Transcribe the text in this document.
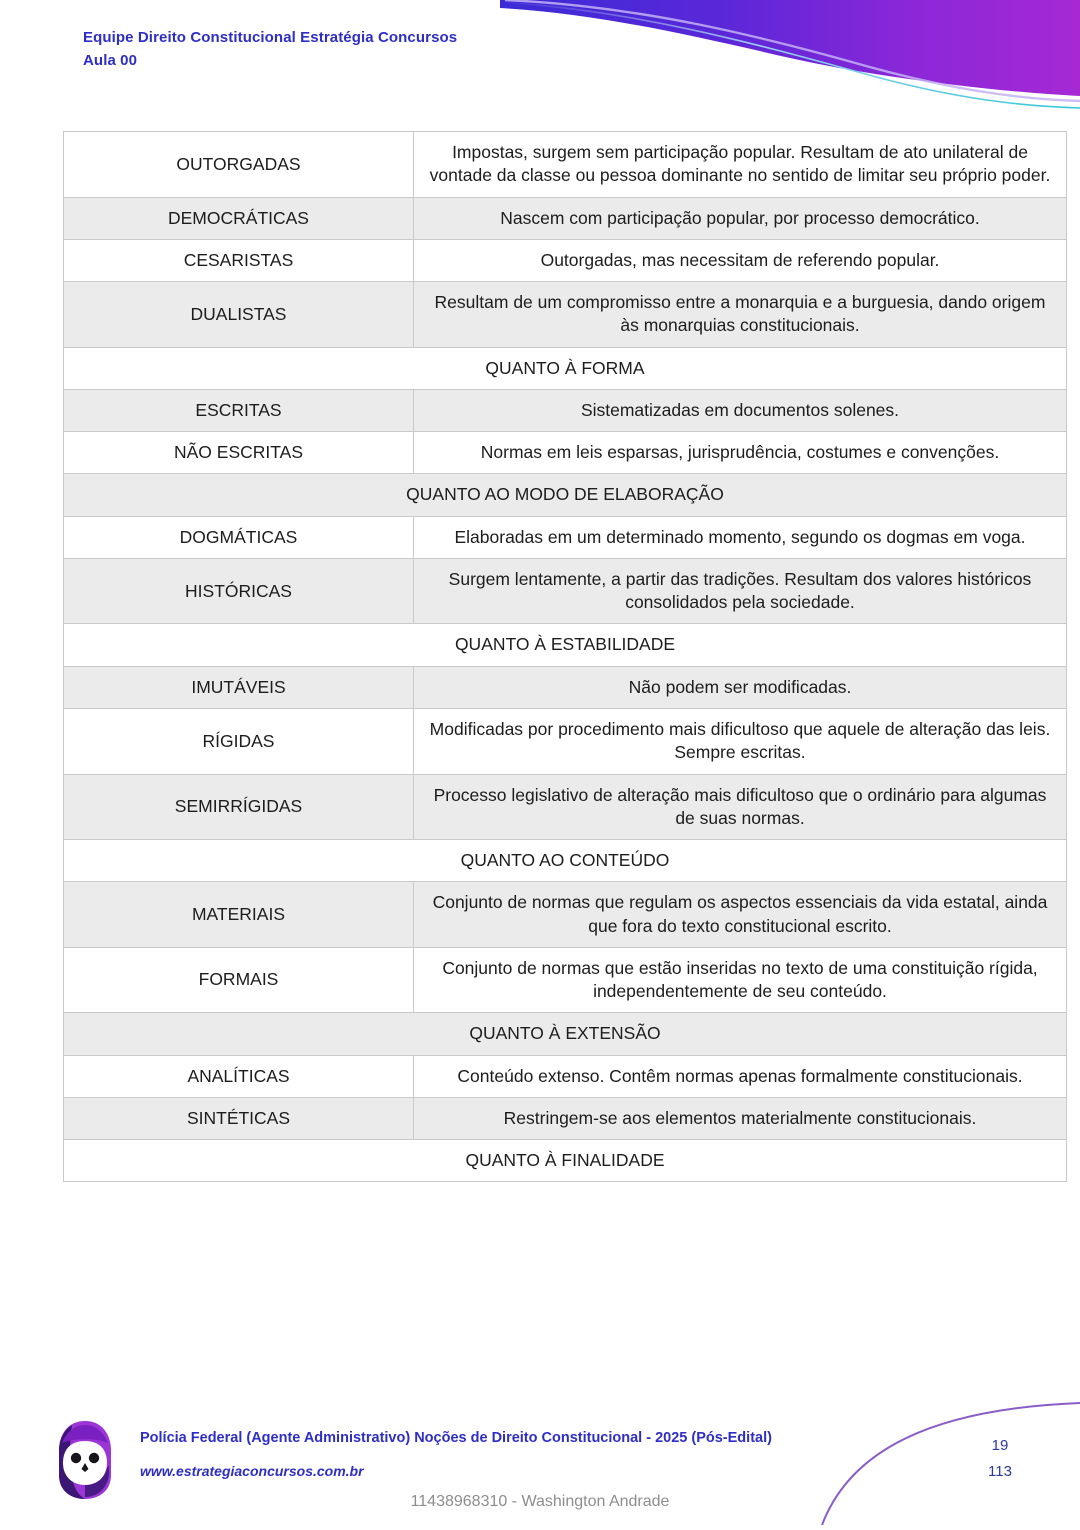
Equipe Direito Constitucional Estratégia Concursos
Aula 00
OUTORGADAS	Impostas, surgem sem participação popular. Resultam de ato unilateral de vontade da classe ou pessoa dominante no sentido de limitar seu próprio poder.
DEMOCRÁTICAS	Nascem com participação popular, por processo democrático.
CESARISTAS	Outorgadas, mas necessitam de referendo popular.
DUALISTAS	Resultam de um compromisso entre a monarquia e a burguesia, dando origem às monarquias constitucionais.
QUANTO À FORMA	
ESCRITAS	Sistematizadas em documentos solenes.
NÃO ESCRITAS	Normas em leis esparsas, jurisprudência, costumes e convenções.
QUANTO AO MODO DE ELABORAÇÃO	
DOGMÁTICAS	Elaboradas em um determinado momento, segundo os dogmas em voga.
HISTÓRICAS	Surgem lentamente, a partir das tradições. Resultam dos valores históricos consolidados pela sociedade.
QUANTO À ESTABILIDADE	
IMUTÁVEIS	Não podem ser modificadas.
RÍGIDAS	Modificadas por procedimento mais dificultoso que aquele de alteração das leis. Sempre escritas.
SEMIRRÍGIDAS	Processo legislativo de alteração mais dificultoso que o ordinário para algumas de suas normas.
QUANTO AO CONTEÚDO	
MATERIAIS	Conjunto de normas que regulam os aspectos essenciais da vida estatal, ainda que fora do texto constitucional escrito.
FORMAIS	Conjunto de normas que estão inseridas no texto de uma constituição rígida, independentemente de seu conteúdo.
QUANTO À EXTENSÃO	
ANALÍTICAS	Conteúdo extenso. Contêm normas apenas formalmente constitucionais.
SINTÉTICAS	Restringem-se aos elementos materialmente constitucionais.
QUANTO À FINALIDADE	
Polícia Federal (Agente Administrativo) Noções de Direito Constitucional - 2025 (Pós-Edital)
www.estrategiaconcursos.com.br
19
113
11438968310 - Washington Andrade
